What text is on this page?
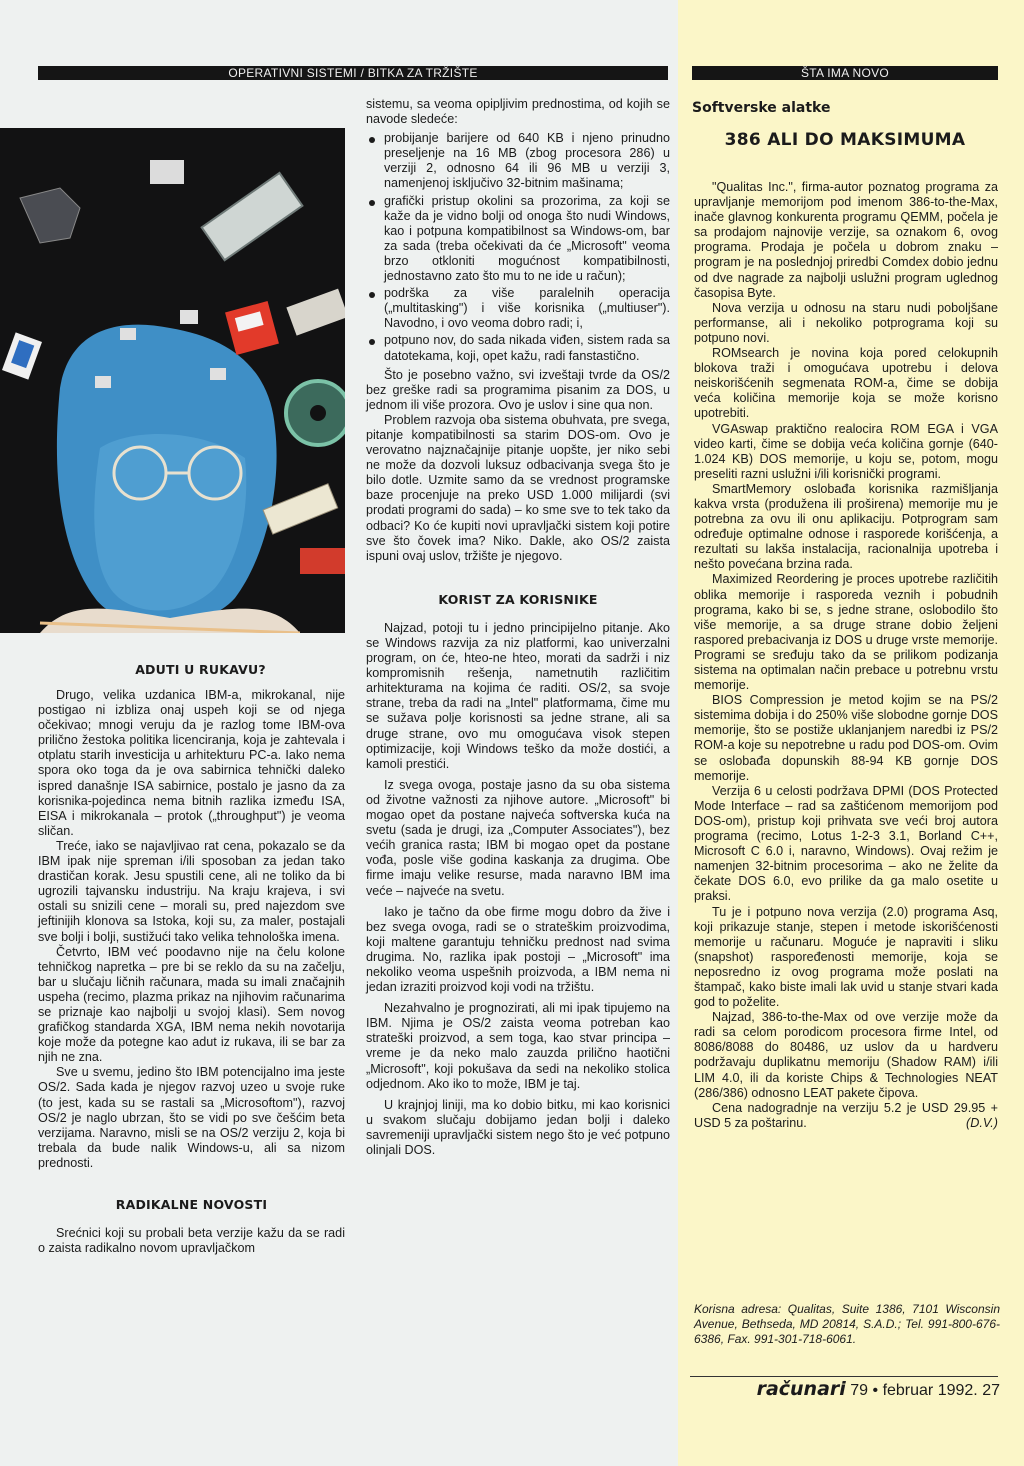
OPERATIVNI SISTEMI / BITKA ZA TRŽIŠTE	ŠTA IMA NOVO

ADUTI U RUKAVU?

Drugo, velika uzdanica IBM-a, mikrokanal, nije postigao ni izbliza onaj uspeh koji se od njega očekivao; mnogi veruju da je razlog tome IBM-ova prilično žestoka politika licenciranja, koja je zahtevala i otplatu starih investicija u arhitekturu PC-a. Iako nema spora oko toga da je ova sabirnica tehnički daleko ispred današnje ISA sabirnice, postalo je jasno da za korisnika-pojedinca nema bitnih razlika između ISA, EISA i mikrokanala – protok („throughput") je veoma sličan.

Treće, iako se najavljivao rat cena, pokazalo se da IBM ipak nije spreman i/ili sposoban za jedan tako drastičan korak. Jesu spustili cene, ali ne toliko da bi ugrozili tajvansku industriju. Na kraju krajeva, i svi ostali su snizili cene – morali su, pred najezdom sve jeftinijih klonova sa Istoka, koji su, za maler, postajali sve bolji i bolji, sustižući tako velika tehnološka imena.

Četvrto, IBM već poodavno nije na čelu kolone tehničkog napretka – pre bi se reklo da su na začelju, bar u slučaju ličnih računara, mada su imali značajnih uspeha (recimo, plazma prikaz na njihovim računarima se priznaje kao najbolji u svojoj klasi). Sem novog grafičkog standarda XGA, IBM nema nekih novotarija koje može da potegne kao adut iz rukava, ili se bar za njih ne zna.

Sve u svemu, jedino što IBM potencijalno ima jeste OS/2. Sada kada je njegov razvoj uzeo u svoje ruke (to jest, kada su se rastali sa „Microsoftom"), razvoj OS/2 je naglo ubrzan, što se vidi po sve češćim beta verzijama. Naravno, misli se na OS/2 verziju 2, koja bi trebala da bude nalik Windows-u, ali sa nizom prednosti.

RADIKALNE NOVOSTI

Srećnici koji su probali beta verzije kažu da se radi o zaista radikalno novom upravljačkom

sistemu, sa veoma opipljivim prednostima, od kojih se navode sledeće:

probijanje barijere od 640 KB i njeno prinudno preseljenje na 16 MB (zbog procesora 286) u verziji 2, odnosno 64 ili 96 MB u verziji 3, namenjenoj isključivo 32-bitnim mašinama;
grafički pristup okolini sa prozorima, za koji se kaže da je vidno bolji od onoga što nudi Windows, kao i potpuna kompatibilnost sa Windows-om, bar za sada (treba očekivati da će „Microsoft" veoma brzo otkloniti mogućnost kompatibilnosti, jednostavno zato što mu to ne ide u račun);
podrška za više paralelnih operacija („multitasking") i više korisnika („multiuser"). Navodno, i ovo veoma dobro radi; i,
potpuno nov, do sada nikada viđen, sistem rada sa datotekama, koji, opet kažu, radi fanstastično.

Što je posebno važno, svi izveštaji tvrde da OS/2 bez greške radi sa programima pisanim za DOS, u jednom ili više prozora. Ovo je uslov i sine qua non.

Problem razvoja oba sistema obuhvata, pre svega, pitanje kompatibilnosti sa starim DOS-om. Ovo je verovatno najznačajnije pitanje uopšte, jer niko sebi ne može da dozvoli luksuz odbacivanja svega što je bilo dotle. Uzmite samo da se vrednost programske baze procenjuje na preko USD 1.000 milijardi (svi prodati programi do sada) – ko sme sve to tek tako da odbaci? Ko će kupiti novi upravljački sistem koji potire sve što čovek ima? Niko. Dakle, ako OS/2 zaista ispuni ovaj uslov, tržište je njegovo.

KORIST ZA KORISNIKE

Najzad, potoji tu i jedno principijelno pitanje. Ako se Windows razvija za niz platformi, kao univerzalni program, on će, hteo-ne hteo, morati da sadrži i niz kompromisnih rešenja, nametnutih različitim arhitekturama na kojima će raditi. OS/2, sa svoje strane, treba da radi na „Intel" platformama, čime mu se sužava polje korisnosti sa jedne strane, ali sa druge strane, ovo mu omogućava visok stepen optimizacije, koji Windows teško da može dostići, a kamoli prestići.

Iz svega ovoga, postaje jasno da su oba sistema od životne važnosti za njihove autore. „Microsoft" bi mogao opet da postane najveća softverska kuća na svetu (sada je drugi, iza „Computer Associates"), bez većih granica rasta; IBM bi mogao opet da postane vođa, posle više godina kaskanja za drugima. Obe firme imaju velike resurse, mada naravno IBM ima veće – najveće na svetu.

Iako je tačno da obe firme mogu dobro da žive i bez svega ovoga, radi se o strateškim proizvodima, koji maltene garantuju tehničku prednost nad svima drugima. No, razlika ipak postoji – „Microsoft" ima nekoliko veoma uspešnih proizvoda, a IBM nema ni jedan izraziti proizvod koji vodi na tržištu.

Nezahvalno je prognozirati, ali mi ipak tipujemo na IBM. Njima je OS/2 zaista veoma potreban kao strateški proizvod, a sem toga, kao stvar principa – vreme je da neko malo zauzda prilično haotični „Microsoft", koji pokušava da sedi na nekoliko stolica odjednom. Ako iko to može, IBM je taj.

U krajnjoj liniji, ma ko dobio bitku, mi kao korisnici u svakom slučaju dobijamo jedan bolji i daleko savremeniji upravljački sistem nego što je već potpuno olinjali DOS.

Softverske alatke
386 ALI DO MAKSIMUMA

"Qualitas Inc.", firma-autor poznatog programa za upravljanje memorijom pod imenom 386-to-the-Max, inače glavnog konkurenta programu QEMM, počela je sa prodajom najnovije verzije, sa oznakom 6, ovog programa. Prodaja je počela u dobrom znaku – program je na poslednjoj priredbi Comdex dobio jednu od dve nagrade za najbolji uslužni program uglednog časopisa Byte.

Nova verzija u odnosu na staru nudi poboljšane performanse, ali i nekoliko potprograma koji su potpuno novi.

ROMsearch je novina koja pored celokupnih blokova traži i omogućava upotrebu i delova neiskorišćenih segmenata ROM-a, čime se dobija veća količina memorije koja se može korisno upotrebiti.

VGAswap praktično realocira ROM EGA i VGA video karti, čime se dobija veća količina gornje (640-1.024 KB) DOS memorije, u koju se, potom, mogu preseliti razni uslužni i/ili korisnički programi.

SmartMemory oslobađa korisnika razmišljanja kakva vrsta (produžena ili proširena) memorije mu je potrebna za ovu ili onu aplikaciju. Potprogram sam određuje optimalne odnose i rasporede korišćenja, a rezultati su lakša instalacija, racionalnija upotreba i nešto povećana brzina rada.

Maximized Reordering je proces upotrebe različitih oblika memorije i rasporeda veznih i pobudnih programa, kako bi se, s jedne strane, oslobodilo što više memorije, a sa druge strane dobio željeni raspored prebacivanja iz DOS u druge vrste memorije. Programi se sređuju tako da se prilikom podizanja sistema na optimalan način prebace u potrebnu vrstu memorije.

BIOS Compression je metod kojim se na PS/2 sistemima dobija i do 250% više slobodne gornje DOS memorije, što se postiže uklanjanjem naredbi iz PS/2 ROM-a koje su nepotrebne u radu pod DOS-om. Ovim se oslobađa dopunskih 88-94 KB gornje DOS memorije.

Verzija 6 u celosti podržava DPMI (DOS Protected Mode Interface – rad sa zaštićenom memorijom pod DOS-om), pristup koji prihvata sve veći broj autora programa (recimo, Lotus 1-2-3 3.1, Borland C++, Microsoft C 6.0 i, naravno, Windows). Ovaj režim je namenjen 32-bitnim procesorima – ako ne želite da čekate DOS 6.0, evo prilike da ga malo osetite u praksi.

Tu je i potpuno nova verzija (2.0) programa Asq, koji prikazuje stanje, stepen i metode iskorišćenosti memorije u računaru. Moguće je napraviti i sliku (snapshot) raspoređenosti memorije, koja se neposredno iz ovog programa može poslati na štampač, kako biste imali lak uvid u stanje stvari kada god to poželite.

Najzad, 386-to-the-Max od ove verzije može da radi sa celom porodicom procesora firme Intel, od 8086/8088 do 80486, uz uslov da u hardveru podržavaju duplikatnu memoriju (Shadow RAM) i/ili LIM 4.0, ili da koriste Chips & Technologies NEAT (286/386) odnosno LEAT pakete čipova.

Cena nadogradnje na verziju 5.2 je USD 29.95 + USD 5 za poštarinu.	(D.V.)

Korisna adresa: Qualitas, Suite 1386, 7101 Wisconsin Avenue, Bethseda, MD 20814, S.A.D.; Tel. 991-800-676-6386, Fax. 991-301-718-6061.
računari 79 • februar 1992. 27
